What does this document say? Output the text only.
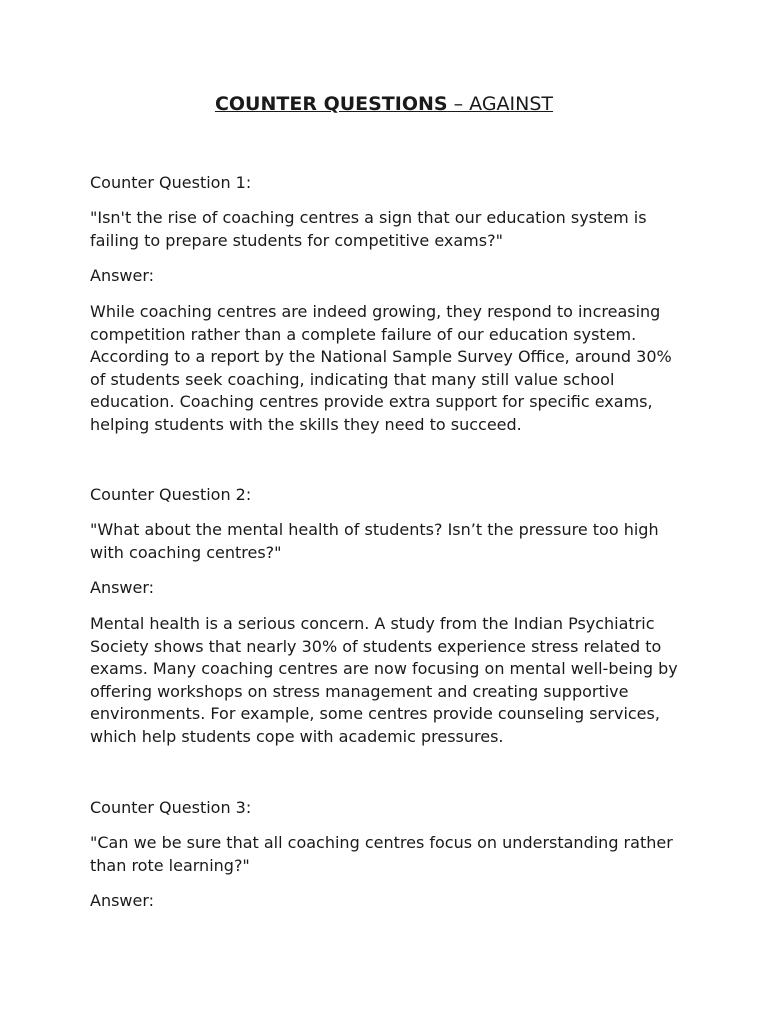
COUNTER QUESTIONS – AGAINST

Counter Question 1:

"Isn't the rise of coaching centres a sign that our education system is failing to prepare students for competitive exams?"

Answer:

While coaching centres are indeed growing, they respond to increasing competition rather than a complete failure of our education system. According to a report by the National Sample Survey Office, around 30% of students seek coaching, indicating that many still value school education. Coaching centres provide extra support for specific exams, helping students with the skills they need to succeed.

Counter Question 2:

"What about the mental health of students? Isn’t the pressure too high with coaching centres?"

Answer:

Mental health is a serious concern. A study from the Indian Psychiatric Society shows that nearly 30% of students experience stress related to exams. Many coaching centres are now focusing on mental well-being by offering workshops on stress management and creating supportive environments. For example, some centres provide counseling services, which help students cope with academic pressures.

Counter Question 3:

"Can we be sure that all coaching centres focus on understanding rather than rote learning?"

Answer:
